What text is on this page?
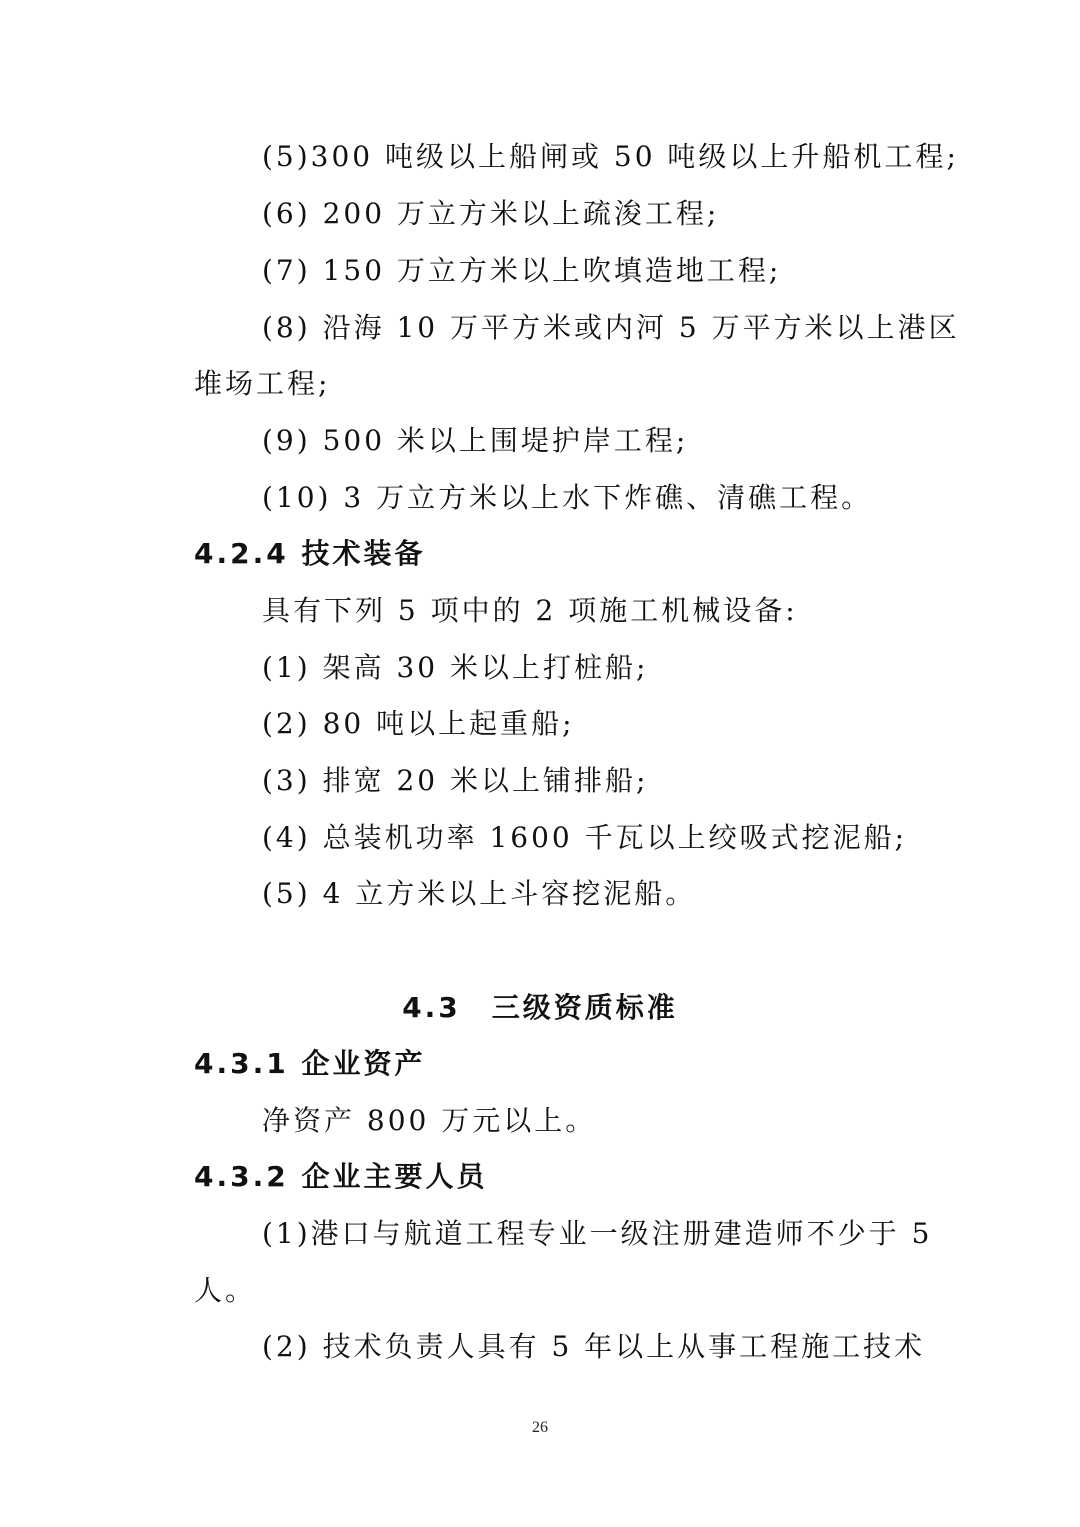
(5)300 吨级以上船闸或 50 吨级以上升船机工程;
(6) 200 万立方米以上疏浚工程;
(7) 150 万立方米以上吹填造地工程;
(8) 沿海 10 万平方米或内河 5 万平方米以上港区
堆场工程;
(9) 500 米以上围堤护岸工程;
(10) 3 万立方米以上水下炸礁、清礁工程。
4.2.4 技术装备
具有下列 5 项中的 2 项施工机械设备:
(1) 架高 30 米以上打桩船;
(2) 80 吨以上起重船;
(3) 排宽 20 米以上铺排船;
(4) 总装机功率 1600 千瓦以上绞吸式挖泥船;
(5) 4 立方米以上斗容挖泥船。
4.3　三级资质标准
4.3.1 企业资产
净资产 800 万元以上。
4.3.2 企业主要人员
(1)港口与航道工程专业一级注册建造师不少于 5
人。
(2) 技术负责人具有 5 年以上从事工程施工技术
26
